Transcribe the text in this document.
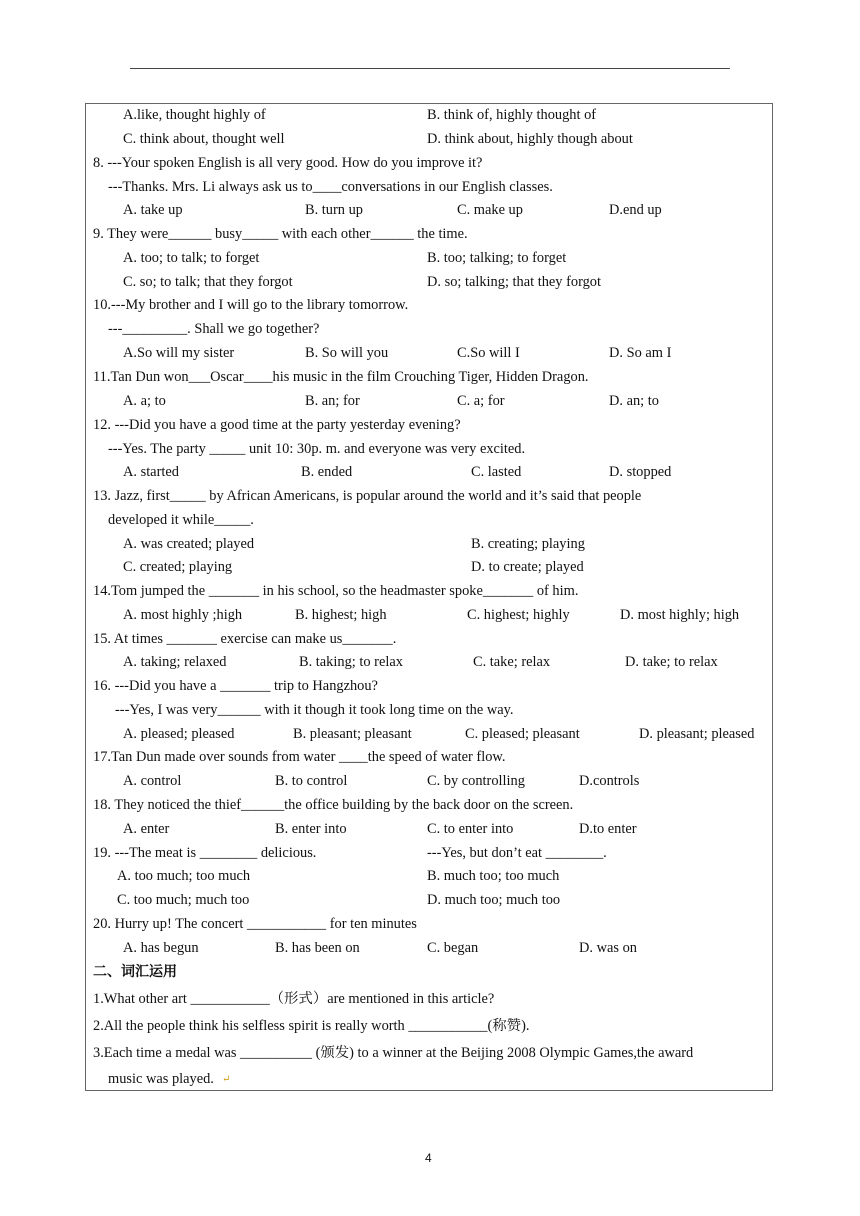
A.like, thought highly of	B. think of, highly thought of
C. think about, thought well	D. think about, highly though about
8. ---Your spoken English is all very good. How do you improve it?
---Thanks. Mrs. Li always ask us to____conversations in our English classes.
A. take up	B. turn up	C. make up	D.end up
9. They were______ busy_____ with each other______ the time.
A. too; to talk; to forget	B. too; talking; to forget
C. so; to talk; that they forgot	D. so; talking; that they forgot
10.---My brother and I will go to the library tomorrow.
---_________. Shall we go together?
A.So will my sister	B. So will you	C.So will I	D. So am I
11.Tan Dun won___Oscar____his music in the film Crouching Tiger, Hidden Dragon.
A. a; to	B. an; for	C. a; for	D. an; to
12. ---Did you have a good time at the party yesterday evening?
---Yes. The party _____ unit 10: 30p. m. and everyone was very excited.
A. started	B. ended	C. lasted	D. stopped
13. Jazz, first_____ by African Americans, is popular around the world and it’s said that people
developed it while_____.
A. was created; played	B. creating; playing
C. created; playing	D. to create; played
14.Tom jumped the _______ in his school, so the headmaster spoke_______ of him.
A. most highly ;high	B. highest; high	C. highest; highly	D. most highly; high
15. At times _______ exercise can make us_______.
A. taking; relaxed	B. taking; to relax	C. take; relax	D. take; to relax
16. ---Did you have a _______ trip to Hangzhou?
---Yes, I was very______ with it though it took long time on the way.
A. pleased; pleased	B. pleasant; pleasant	C. pleased; pleasant	D. pleasant; pleased
17.Tan Dun made over sounds from water ____the speed of water flow.
A. control	B. to control	C. by controlling	D.controls
18. They noticed the thief______the office building by the back door on the screen.
A. enter	B. enter into	C. to enter into	D.to enter
19. ---The meat is ________ delicious.	---Yes, but don’t eat ________.
A. too much; too much	B. much too; too much
C. too much; much too	D. much too; much too
20. Hurry up! The concert ___________ for ten minutes
A. has begun	B. has been on	C. began	D. was on
二、词汇运用
1.What other art ___________（形式）are mentioned in this article?
2.All the people think his selfless spirit is really worth ___________(称赞).
3.Each time a medal was __________ (颁发) to a winner at the Beijing 2008 Olympic Games,the award
music was played. ↵
4
